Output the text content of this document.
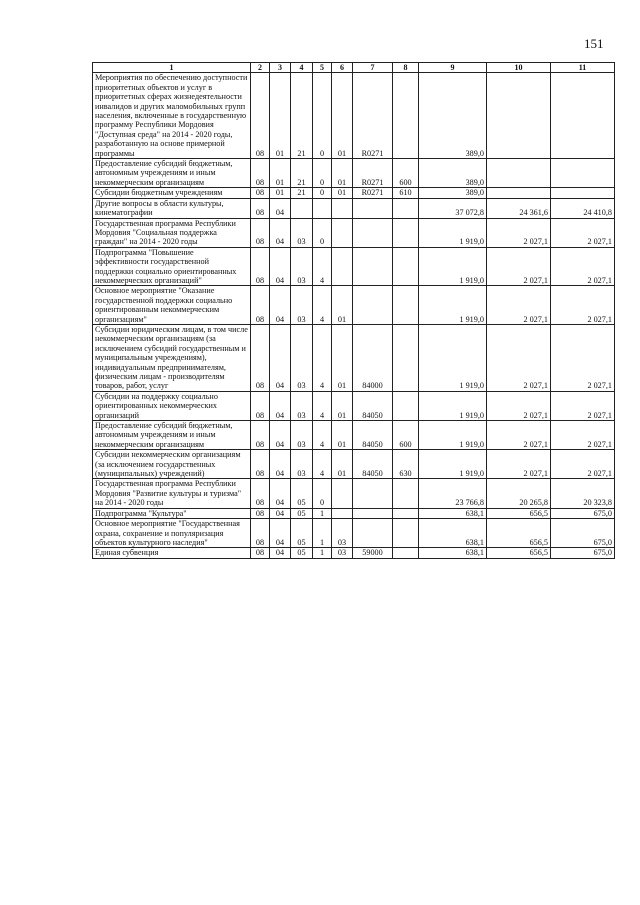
151
1	2	3	4	5	6	7	8	9	10	11
Мероприятия по обеспечению доступности приоритетных объектов и услуг в приоритетных сферах жизнедеятельности инвалидов и других маломобильных групп населения, включенные в государственную программу Республики Мордовия "Доступная среда" на 2014 - 2020 годы, разработанную на основе примерной программы	08	01	21	0	01	R0271		389,0		
Предоставление субсидий бюджетным, автономным учреждениям и иным некоммерческим организациям	08	01	21	0	01	R0271	600	389,0		
Субсидии бюджетным учреждениям	08	01	21	0	01	R0271	610	389,0		
Другие вопросы в области культуры, кинематографии	08	04						37 072,8	24 361,6	24 410,8
Государственная программа Республики Мордовия "Социальная поддержка граждан" на 2014 - 2020 годы	08	04	03	0				1 919,0	2 027,1	2 027,1
Подпрограмма "Повышение эффективности государственной поддержки социально ориентированных некоммерческих организаций"	08	04	03	4				1 919,0	2 027,1	2 027,1
Основное мероприятие "Оказание государственной поддержки социально ориентированным некоммерческим организациям"	08	04	03	4	01			1 919,0	2 027,1	2 027,1
Субсидии юридическим лицам, в том числе некоммерческим организациям (за исключением субсидий государственным и муниципальным учреждениям), индивидуальным предпринимателям, физическим лицам - производителям товаров, работ, услуг	08	04	03	4	01	84000		1 919,0	2 027,1	2 027,1
Субсидии на поддержку социально ориентированных некоммерческих организаций	08	04	03	4	01	84050		1 919,0	2 027,1	2 027,1
Предоставление субсидий бюджетным, автономным учреждениям и иным некоммерческим организациям	08	04	03	4	01	84050	600	1 919,0	2 027,1	2 027,1
Субсидии некоммерческим организациям (за исключением государственных (муниципальных) учреждений)	08	04	03	4	01	84050	630	1 919,0	2 027,1	2 027,1
Государственная программа Республики Мордовия "Развитие культуры и туризма" на 2014 - 2020 годы	08	04	05	0				23 766,8	20 265,8	20 323,8
Подпрограмма "Культура"	08	04	05	1				638,1	656,5	675,0
Основное мероприятие "Государственная охрана, сохранение и популяризация объектов культурного наследия"	08	04	05	1	03			638,1	656,5	675,0
Единая субвенция	08	04	05	1	03	59000		638,1	656,5	675,0
